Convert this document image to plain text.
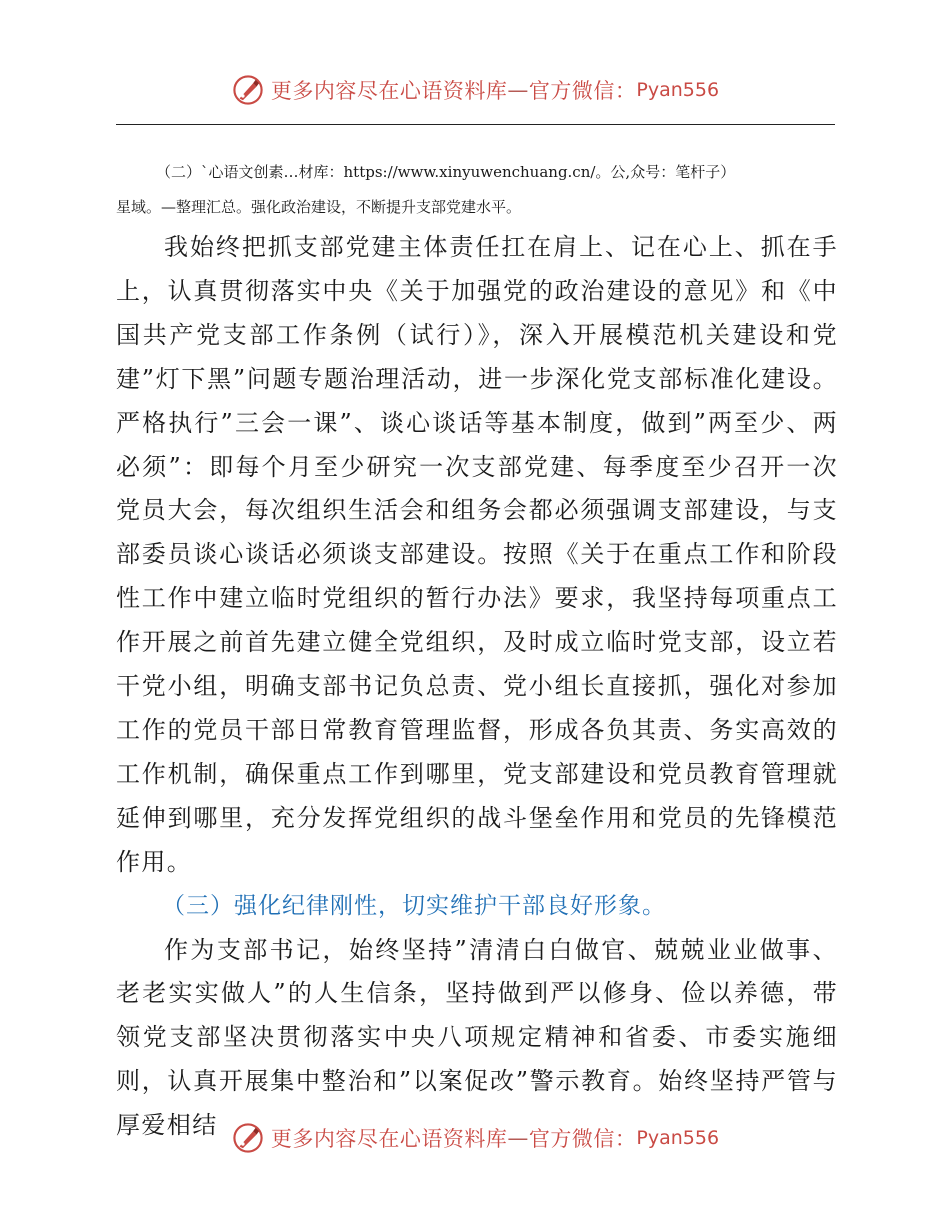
更多内容尽在心语资料库 — 官方微信： Pyan556

（二）`心语文创素…材库：https://www.xinyuwenchuang.cn/。公,众号：笔杆子）

星域。—整理汇总。强化政治建设，不断提升支部党建水平。

我始终把抓支部党建主体责任扛在肩上、记在心上、抓在手上，认真贯彻落实中央《关于加强党的政治建设的意见》和《中国共产党支部工作条例（试行）》，深入开展模范机关建设和党建”灯下黑”问题专题治理活动，进一步深化党支部标准化建设。严格执行”三会一课”、谈心谈话等基本制度，做到”两至少、两必须”：即每个月至少研究一次支部党建、每季度至少召开一次党员大会，每次组织生活会和组务会都必须强调支部建设，与支部委员谈心谈话必须谈支部建设。按照《关于在重点工作和阶段性工作中建立临时党组织的暂行办法》要求，我坚持每项重点工作开展之前首先建立健全党组织，及时成立临时党支部，设立若干党小组，明确支部书记负总责、党小组长直接抓，强化对参加工作的党员干部日常教育管理监督，形成各负其责、务实高效的工作机制，确保重点工作到哪里，党支部建设和党员教育管理就延伸到哪里，充分发挥党组织的战斗堡垒作用和党员的先锋模范作用。

（三）强化纪律刚性，切实维护干部良好形象。

作为支部书记，始终坚持”清清白白做官、兢兢业业做事、老老实实做人”的人生信条，坚持做到严以修身、俭以养德，带领党支部坚决贯彻落实中央八项规定精神和省委、市委实施细则，认真开展集中整治和”以案促改”警示教育。始终坚持严管与厚爱相结	更多内容尽在心语资料库 — 官方微信： Pyan556
